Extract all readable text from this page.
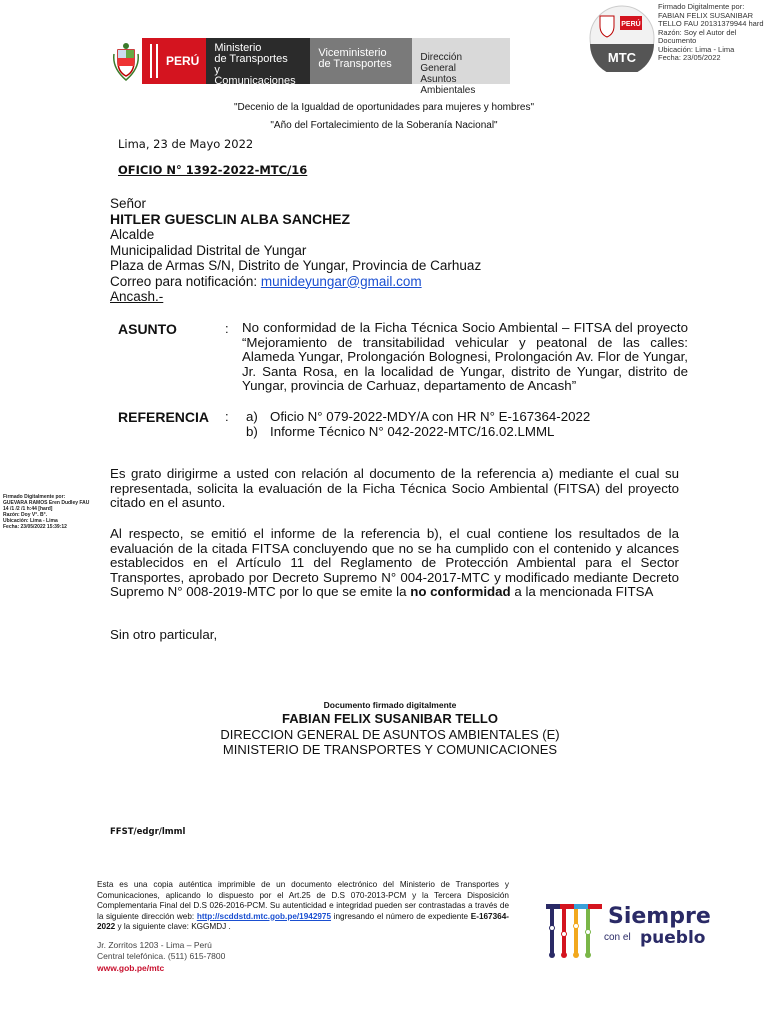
PERÚ
Ministerio
de Transportes
y Comunicaciones
Viceministerio
de Transportes
Dirección General
Asuntos Ambientales
PERÚ
MTC
Firmado Digitalmente por:
FABIAN FELIX SUSANIBAR
TELLO FAU 20131379944 hard
Razón: Soy el Autor del
Documento
Ubicación: Lima - Lima
Fecha: 23/05/2022
"Decenio de la Igualdad de oportunidades para mujeres y hombres"
"Año del Fortalecimiento de la Soberanía Nacional"
Lima, 23 de Mayo 2022
OFICIO N° 1392-2022-MTC/16
Señor
HITLER GUESCLIN ALBA SANCHEZ
Alcalde
Municipalidad Distrital de Yungar
Plaza de Armas S/N, Distrito de Yungar, Provincia de Carhuaz
Correo para notificación: munideyungar@gmail.com
Ancash.-
ASUNTO	: No conformidad de la Ficha Técnica Socio Ambiental – FITSA del proyecto “Mejoramiento de transitabilidad vehicular y peatonal de las calles: Alameda Yungar, Prolongación Bolognesi, Prolongación Av. Flor de Yungar, Jr. Santa Rosa, en la localidad de Yungar, distrito de Yungar, distrito de Yungar, provincia de Carhuaz, departamento de Ancash”
REFERENCIA : a) Oficio N° 079-2022-MDY/A con HR N° E-167364-2022
b) Informe Técnico N° 042-2022-MTC/16.02.LMML
Firmado Digitalmente por:
GUEVARA RAMOS Eren Dudley FAU
14 /1 /2 /1 h:44 [hard]
Razón: Doy V°. B°.
Ubicación: Lima - Lima
Fecha: 23/05/2022 15:39:12
Es grato dirigirme a usted con relación al documento de la referencia a) mediante el cual su representada, solicita la evaluación de la Ficha Técnica Socio Ambiental (FITSA) del proyecto citado en el asunto.
Al respecto, se emitió el informe de la referencia b), el cual contiene los resultados de la evaluación de la citada FITSA concluyendo que no se ha cumplido con el contenido y alcances establecidos en el Artículo 11 del Reglamento de Protección Ambiental para el Sector Transportes, aprobado por Decreto Supremo N° 004-2017-MTC y modificado mediante Decreto Supremo N° 008-2019-MTC por lo que se emite la no conformidad a la mencionada FITSA
Sin otro particular,
Documento firmado digitalmente
FABIAN FELIX SUSANIBAR TELLO
DIRECCION GENERAL DE ASUNTOS AMBIENTALES (E)
MINISTERIO DE TRANSPORTES Y COMUNICACIONES
FFST/edgr/lmml
Esta es una copia auténtica imprimible de un documento electrónico del Ministerio de Transportes y Comunicaciones, aplicando lo dispuesto por el Art.25 de D.S 070-2013-PCM y la Tercera Disposición Complementaria Final del D.S 026-2016-PCM. Su autenticidad e integridad pueden ser contrastadas a través de la siguiente dirección web: http://scddstd.mtc.gob.pe/1942975 ingresando el número de expediente E-167364-2022 y la siguiente clave: KGGMDJ .
Jr. Zorritos 1203 - Lima – Perú
Central telefónica. (511) 615-7800
www.gob.pe/mtc
Siempre
con el pueblo
